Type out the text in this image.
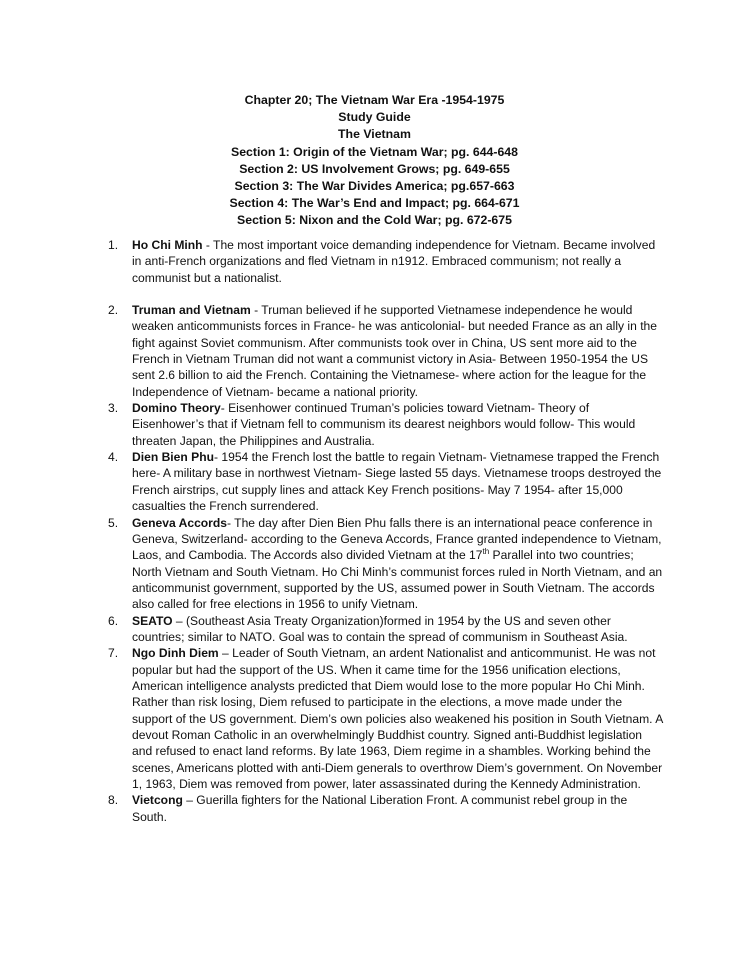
Chapter 20; The Vietnam War Era -1954-1975
Study Guide
The Vietnam
Section 1: Origin of the Vietnam War; pg. 644-648
Section 2: US Involvement Grows; pg. 649-655
Section 3: The War Divides America; pg.657-663
Section 4: The War’s End and Impact; pg. 664-671
Section 5: Nixon and the Cold War; pg. 672-675
1. Ho Chi Minh - The most important voice demanding independence for Vietnam. Became involved in anti-French organizations and fled Vietnam in n1912. Embraced communism; not really a communist but a nationalist.
2. Truman and Vietnam - Truman believed if he supported Vietnamese independence he would weaken anticommunists forces in France- he was anticolonial- but needed France as an ally in the fight against Soviet communism. After communists took over in China, US sent more aid to the French in Vietnam Truman did not want a communist victory in Asia- Between 1950-1954 the US sent 2.6 billion to aid the French. Containing the Vietnamese- where action for the league for the Independence of Vietnam- became a national priority.
3. Domino Theory- Eisenhower continued Truman’s policies toward Vietnam- Theory of Eisenhower’s that if Vietnam fell to communism its dearest neighbors would follow- This would threaten Japan, the Philippines and Australia.
4. Dien Bien Phu- 1954 the French lost the battle to regain Vietnam- Vietnamese trapped the French here- A military base in northwest Vietnam- Siege lasted 55 days. Vietnamese troops destroyed the French airstrips, cut supply lines and attack Key French positions- May 7 1954- after 15,000 casualties the French surrendered.
5. Geneva Accords- The day after Dien Bien Phu falls there is an international peace conference in Geneva, Switzerland- according to the Geneva Accords, France granted independence to Vietnam, Laos, and Cambodia. The Accords also divided Vietnam at the 17th Parallel into two countries; North Vietnam and South Vietnam. Ho Chi Minh’s communist forces ruled in North Vietnam, and an anticommunist government, supported by the US, assumed power in South Vietnam. The accords also called for free elections in 1956 to unify Vietnam.
6. SEATO – (Southeast Asia Treaty Organization)formed in 1954 by the US and seven other countries; similar to NATO. Goal was to contain the spread of communism in Southeast Asia.
7. Ngo Dinh Diem – Leader of South Vietnam, an ardent Nationalist and anticommunist. He was not popular but had the support of the US. When it came time for the 1956 unification elections, American intelligence analysts predicted that Diem would lose to the more popular Ho Chi Minh. Rather than risk losing, Diem refused to participate in the elections, a move made under the support of the US government. Diem’s own policies also weakened his position in South Vietnam. A devout Roman Catholic in an overwhelmingly Buddhist country. Signed anti-Buddhist legislation and refused to enact land reforms. By late 1963, Diem regime in a shambles. Working behind the scenes, Americans plotted with anti-Diem generals to overthrow Diem’s government. On November 1, 1963, Diem was removed from power, later assassinated during the Kennedy Administration.
8. Vietcong – Guerilla fighters for the National Liberation Front. A communist rebel group in the South.
